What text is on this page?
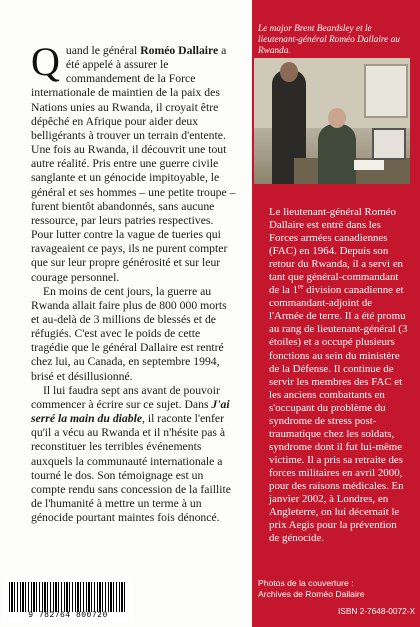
Quand le général Roméo Dallaire a été appelé à assurer le commandement de la Force internationale de maintien de la paix des Nations unies au Rwanda, il croyait être dépêché en Afrique pour aider deux belligérants à trouver un terrain d'entente. Une fois au Rwanda, il découvrit une tout autre réalité. Pris entre une guerre civile sanglante et un génocide impitoyable, le général et ses hommes – une petite troupe – furent bientôt abandonnés, sans aucune ressource, par leurs patries respectives. Pour lutter contre la vague de tueries qui ravageaient ce pays, ils ne purent compter que sur leur propre générosité et sur leur courage personnel.

En moins de cent jours, la guerre au Rwanda allait faire plus de 800 000 morts et au-delà de 3 millions de blessés et de réfugiés. C'est avec le poids de cette tragédie que le général Dallaire est rentré chez lui, au Canada, en septembre 1994, brisé et désillusionné.

Il lui faudra sept ans avant de pouvoir commencer à écrire sur ce sujet. Dans J'ai serré la main du diable, il raconte l'enfer qu'il a vécu au Rwanda et il n'hésite pas à reconstituer les terribles événements auxquels la communauté internationale a tourné le dos. Son témoignage est un compte rendu sans concession de la faillite de l'humanité à mettre un terme à un génocide pourtant maintes fois dénoncé.

Le major Brent Beardsley et le lieutenant-général Roméo Dallaire au Rwanda.

Le lieutenant-général Roméo Dallaire est entré dans les Forces armées canadiennes (FAC) en 1964. Depuis son retour du Rwanda, il a servi en tant que général-commandant de la 1re division canadienne et commandant-adjoint de l'Armée de terre. Il a été promu au rang de lieutenant-général (3 étoiles) et a occupé plusieurs fonctions au sein du ministère de la Défense. Il continue de servir les membres des FAC et les anciens combattants en s'occupant du problème du syndrome de stress post-traumatique chez les soldats, syndrome dont il fut lui-même victime. Il a pris sa retraite des forces militaires en avril 2000, pour des raisons médicales. En janvier 2002, à Londres, en Angleterre, on lui décernait le prix Aegis pour la prévention de génocide.

Photos de la couverture :
Archives de Roméo Dallaire
ISBN 2-7648-0072-X
9 782764 800720
